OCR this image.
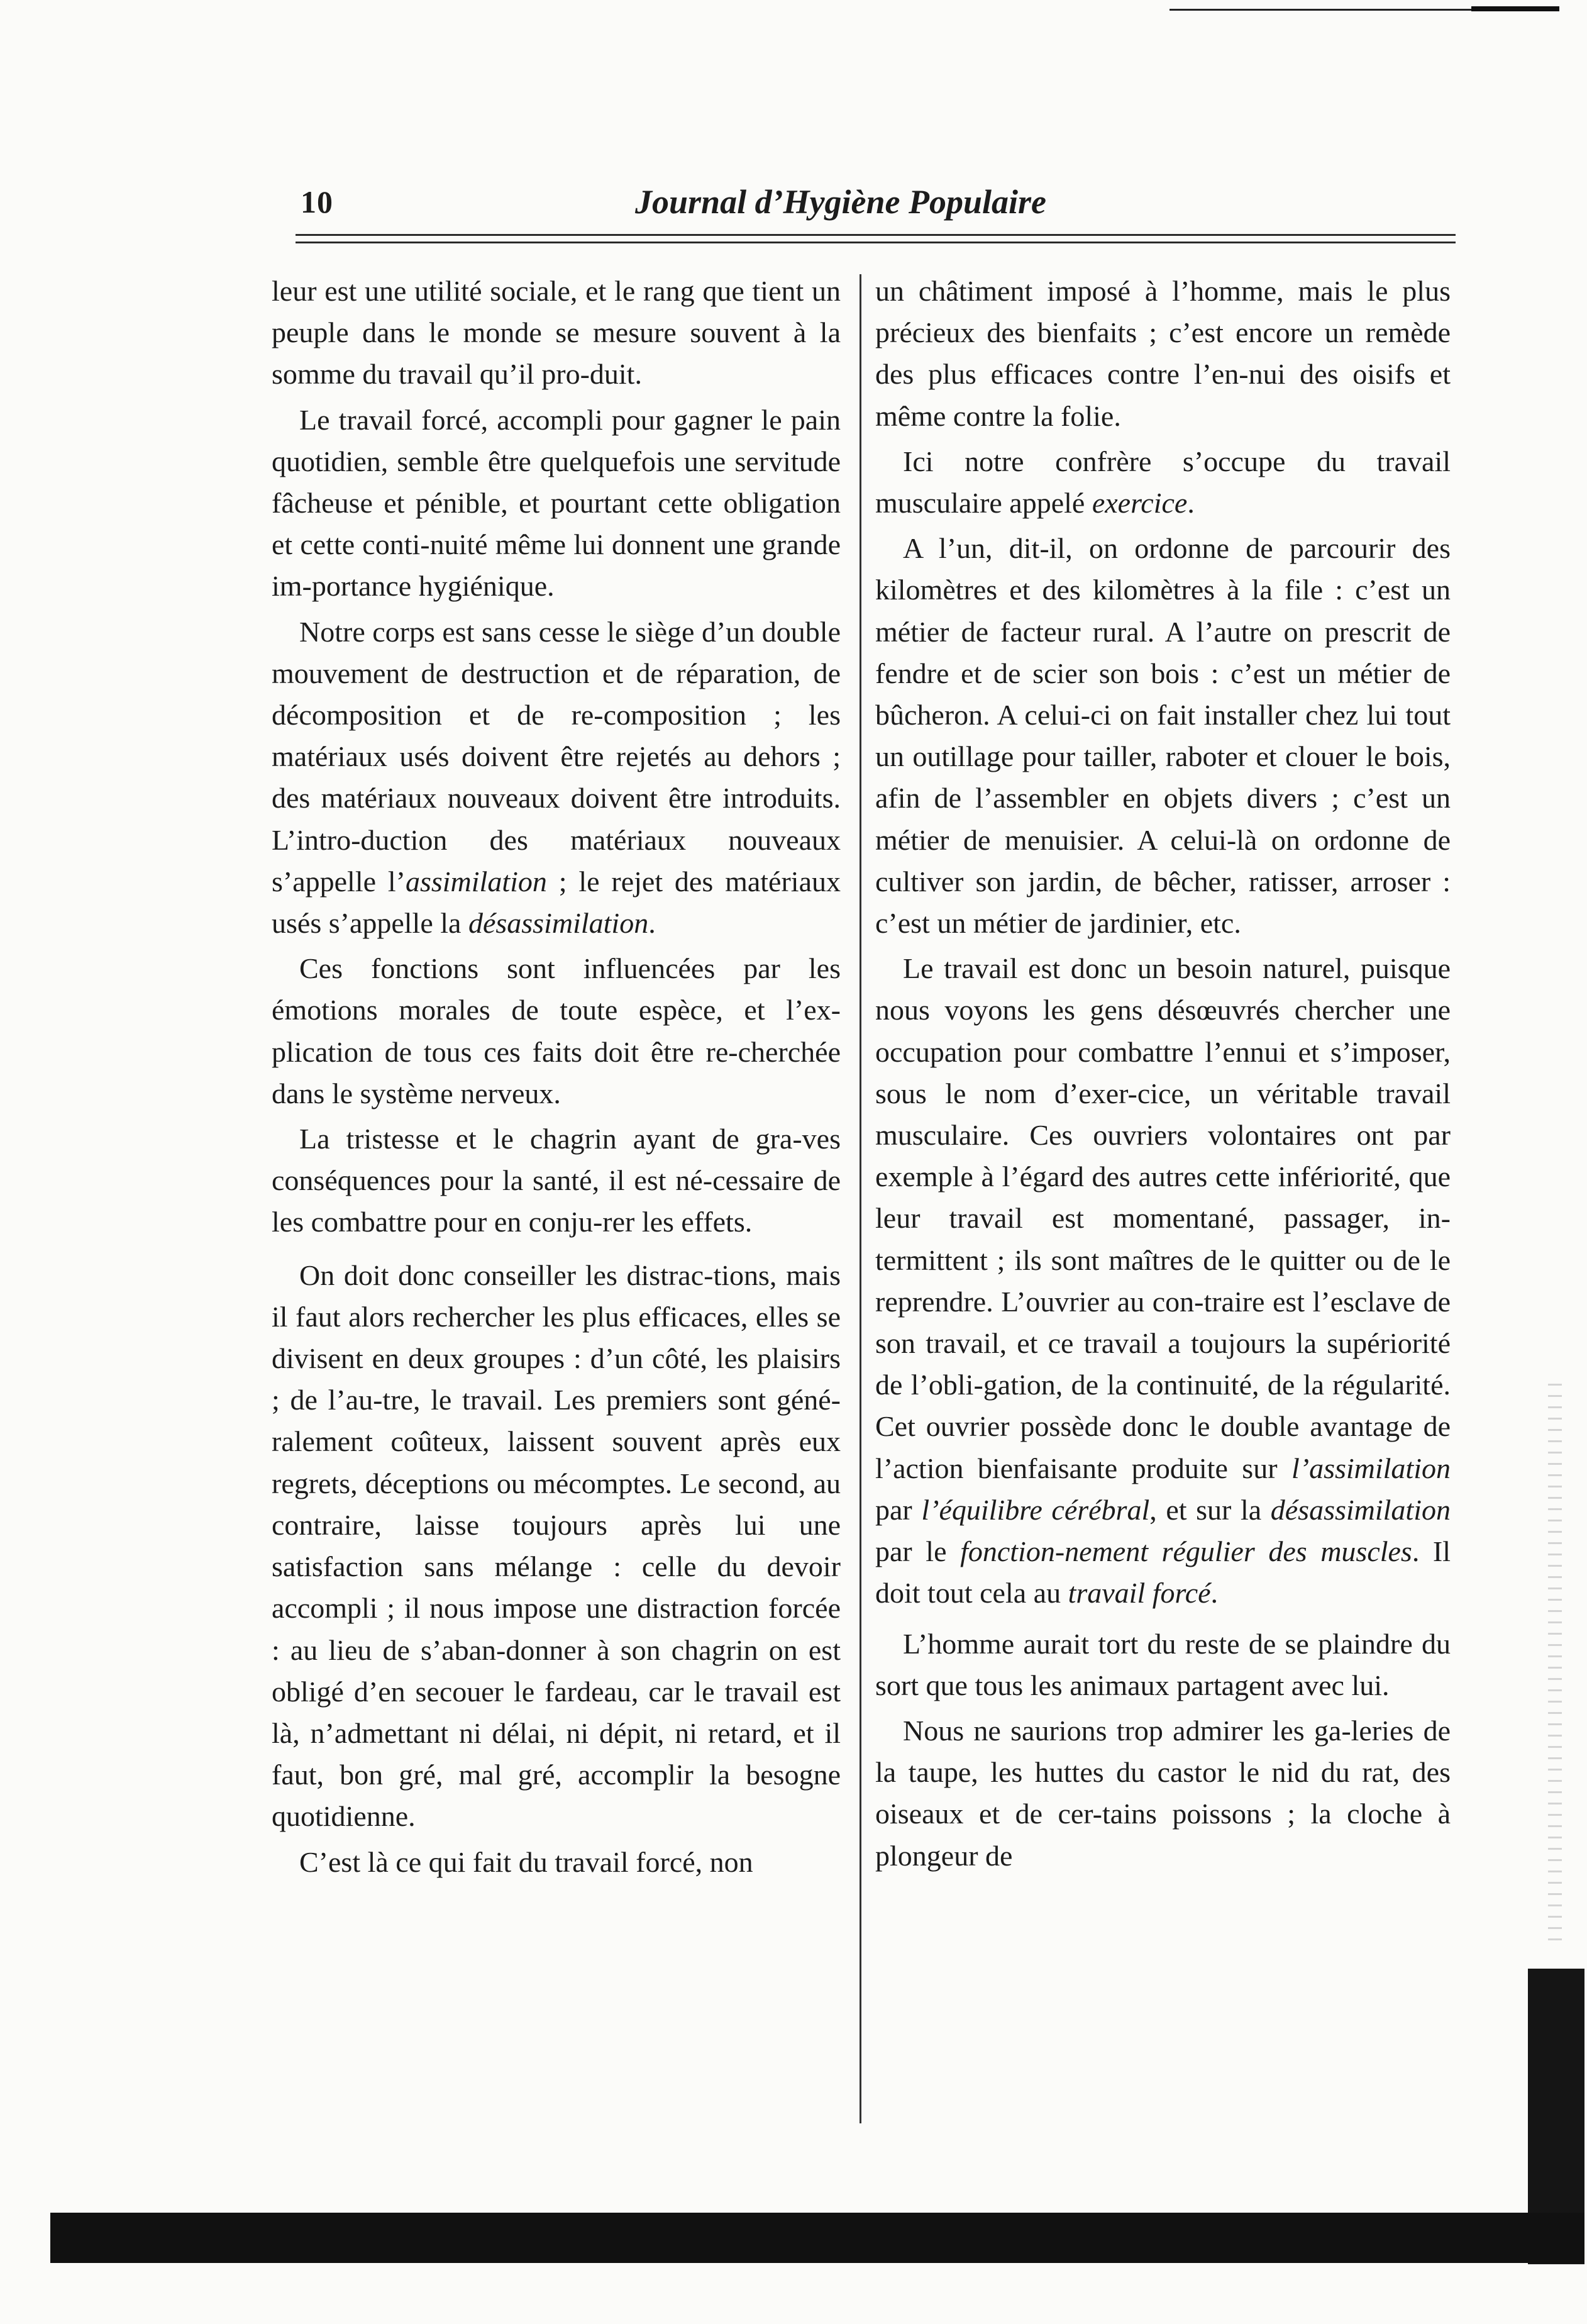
10	Journal d’Hygiène Populaire

leur est une utilité sociale, et le rang que tient un peuple dans le monde se mesure souvent à la somme du travail qu’il pro-duit.

Le travail forcé, accompli pour gagner le pain quotidien, semble être quelquefois une servitude fâcheuse et pénible, et pourtant cette obligation et cette conti-nuité même lui donnent une grande im-portance hygiénique.

Notre corps est sans cesse le siège d’un double mouvement de destruction et de réparation, de décomposition et de re-composition ; les matériaux usés doivent être rejetés au dehors ; des matériaux nouveaux doivent être introduits. L’intro-duction des matériaux nouveaux s’appelle l’assimilation ; le rejet des matériaux usés s’appelle la désassimilation.

Ces fonctions sont influencées par les émotions morales de toute espèce, et l’ex-plication de tous ces faits doit être re-cherchée dans le système nerveux.

La tristesse et le chagrin ayant de gra-ves conséquences pour la santé, il est né-cessaire de les combattre pour en conju-rer les effets.

On doit donc conseiller les distrac-tions, mais il faut alors rechercher les plus efficaces, elles se divisent en deux groupes : d’un côté, les plaisirs ; de l’au-tre, le travail. Les premiers sont géné-ralement coûteux, laissent souvent après eux regrets, déceptions ou mécomptes. Le second, au contraire, laisse toujours après lui une satisfaction sans mélange : celle du devoir accompli ; il nous impose une distraction forcée : au lieu de s’aban-donner à son chagrin on est obligé d’en secouer le fardeau, car le travail est là, n’admettant ni délai, ni dépit, ni retard, et il faut, bon gré, mal gré, accomplir la besogne quotidienne.

C’est là ce qui fait du travail forcé, non

un châtiment imposé à l’homme, mais le plus précieux des bienfaits ; c’est encore un remède des plus efficaces contre l’en-nui des oisifs et même contre la folie.

Ici notre confrère s’occupe du travail musculaire appelé exercice.

A l’un, dit-il, on ordonne de parcourir des kilomètres et des kilomètres à la file : c’est un métier de facteur rural. A l’autre on prescrit de fendre et de scier son bois : c’est un métier de bûcheron. A celui-ci on fait installer chez lui tout un outillage pour tailler, raboter et clouer le bois, afin de l’assembler en objets divers ; c’est un métier de menuisier. A celui-là on ordonne de cultiver son jardin, de bêcher, ratisser, arroser : c’est un métier de jardinier, etc.

Le travail est donc un besoin naturel, puisque nous voyons les gens désœuvrés chercher une occupation pour combattre l’ennui et s’imposer, sous le nom d’exer-cice, un véritable travail musculaire. Ces ouvriers volontaires ont par exemple à l’égard des autres cette infériorité, que leur travail est momentané, passager, in-termittent ; ils sont maîtres de le quitter ou de le reprendre. L’ouvrier au con-traire est l’esclave de son travail, et ce travail a toujours la supériorité de l’obli-gation, de la continuité, de la régularité. Cet ouvrier possède donc le double avantage de l’action bienfaisante produite sur l’assimilation par l’équilibre cérébral, et sur la désassimilation par le fonction-nement régulier des muscles. Il doit tout cela au travail forcé.

L’homme aurait tort du reste de se plaindre du sort que tous les animaux partagent avec lui.

Nous ne saurions trop admirer les ga-leries de la taupe, les huttes du castor le nid du rat, des oiseaux et de cer-tains poissons ; la cloche à plongeur de
